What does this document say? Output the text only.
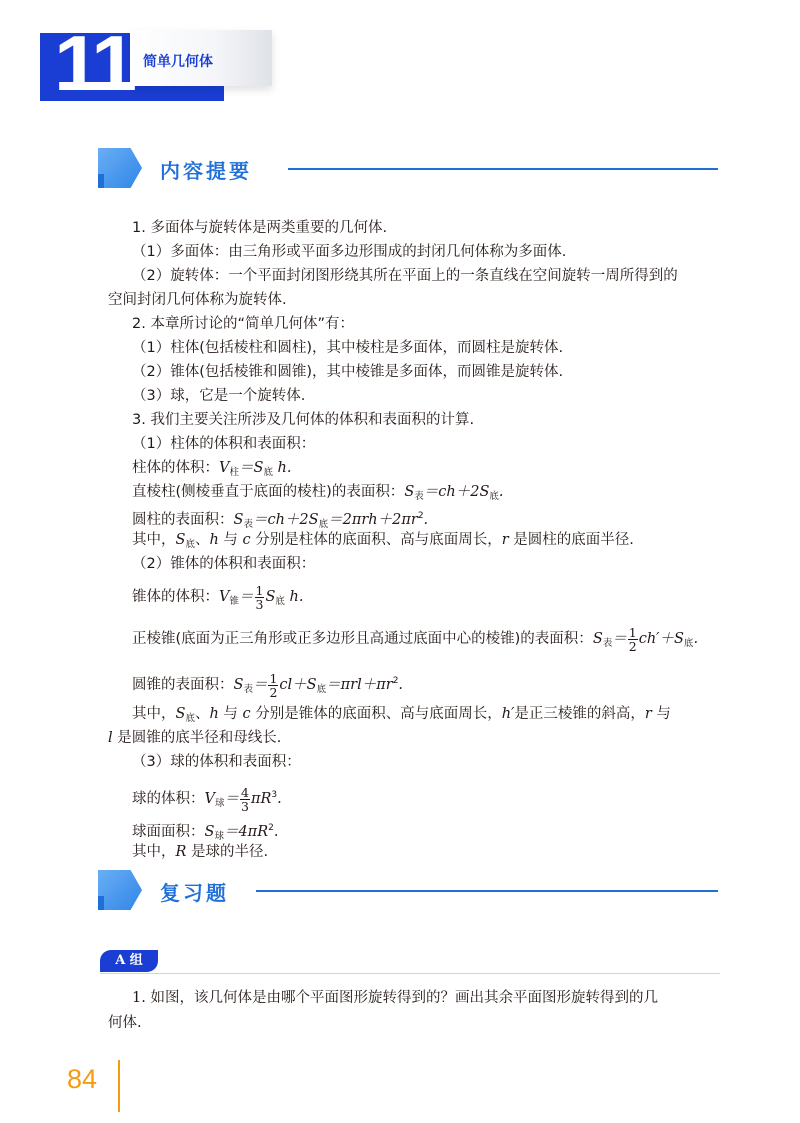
11 简单几何体
内容提要
1. 多面体与旋转体是两类重要的几何体.
（1）多面体：由三角形或平面多边形围成的封闭几何体称为多面体.
（2）旋转体：一个平面封闭图形绕其所在平面上的一条直线在空间旋转一周所得到的
空间封闭几何体称为旋转体.
2. 本章所讨论的“简单几何体”有：
（1）柱体(包括棱柱和圆柱)，其中棱柱是多面体，而圆柱是旋转体.
（2）锥体(包括棱锥和圆锥)，其中棱锥是多面体，而圆锥是旋转体.
（3）球，它是一个旋转体.
3. 我们主要关注所涉及几何体的体积和表面积的计算.
（1）柱体的体积和表面积：
柱体的体积：$V_柱=S_底$ h.
直棱柱(侧棱垂直于底面的棱柱)的表面积：$S_表=ch+2S_底$.
圆柱的表面积：$S_表=ch+2S_底=2\pi rh+2\pi r^2$.
其中，$S_底$、h 与 c 分别是柱体的底面积、高与底面周长，r 是圆柱的底面半径.
（2）锥体的体积和表面积：
锥体的体积：$V_锥= \frac{1}{3} S_底$ h.
正棱锥(底面为正三角形或正多边形且高通过底面中心的棱锥)的表面积：$S_表= \frac{1}{2} ch'+S_底$.
圆锥的表面积：$S_表= \frac{1}{2} cl+S_底=\pi rl+\pi r^2$.
其中，$S_底$、h 与 c 分别是锥体的底面积、高与底面周长，h′是正三棱锥的斜高，r 与
l 是圆锥的底半径和母线长.
（3）球的体积和表面积：
球的体积：$V_球= \frac{4}{3} \pi R^3$.
球面面积：$S_球=4\pi R^2$.
其中，R 是球的半径.
复习题
A 组
1. 如图，该几何体是由哪个平面图形旋转得到的？画出其余平面图形旋转得到的几
何体.
84
